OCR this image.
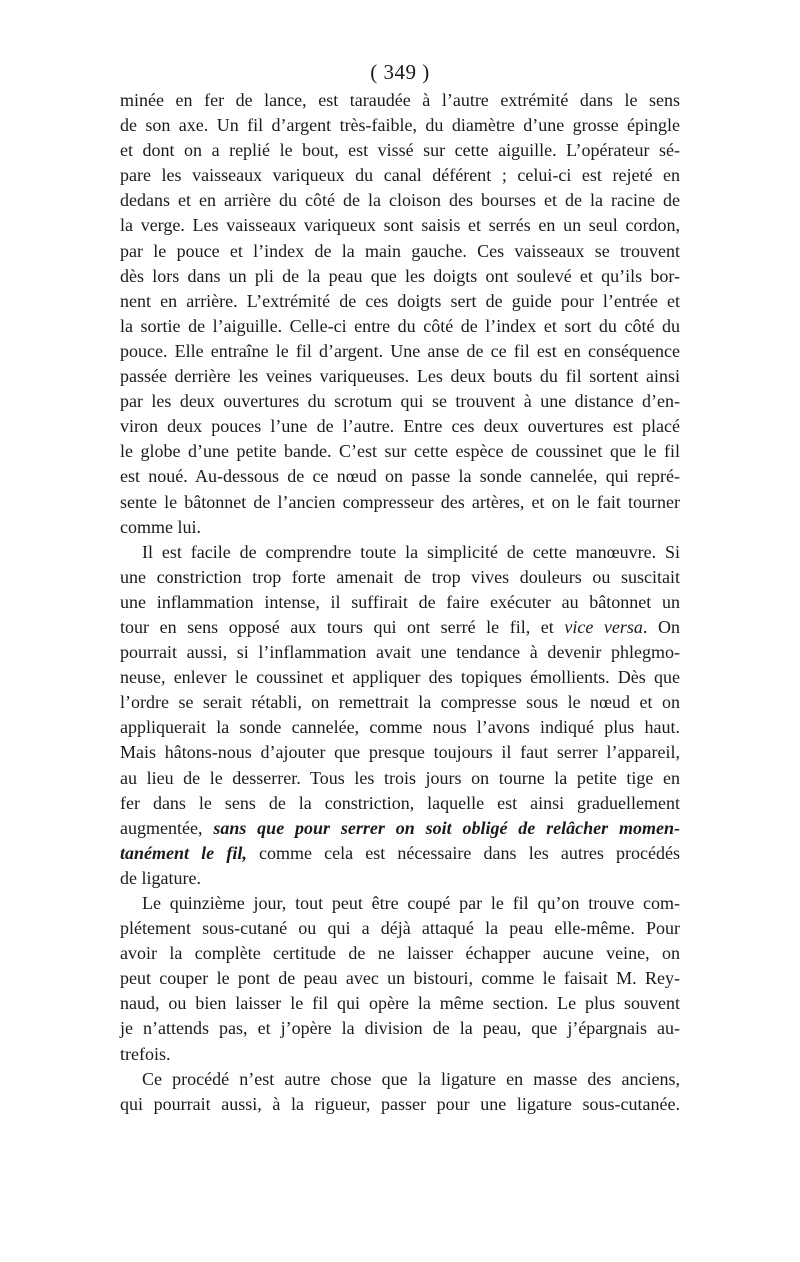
( 349 )

minée en fer de lance, est taraudée à l’autre extrémité dans le sens
de son axe. Un fil d’argent très-faible, du diamètre d’une grosse épingle
et dont on a replié le bout, est vissé sur cette aiguille. L’opérateur sé-
pare les vaisseaux variqueux du canal déférent ; celui-ci est rejeté en
dedans et en arrière du côté de la cloison des bourses et de la racine de
la verge. Les vaisseaux variqueux sont saisis et serrés en un seul cordon,
par le pouce et l’index de la main gauche. Ces vaisseaux se trouvent
dès lors dans un pli de la peau que les doigts ont soulevé et qu’ils bor-
nent en arrière. L’extrémité de ces doigts sert de guide pour l’entrée et
la sortie de l’aiguille. Celle-ci entre du côté de l’index et sort du côté du
pouce. Elle entraîne le fil d’argent. Une anse de ce fil est en conséquence
passée derrière les veines variqueuses. Les deux bouts du fil sortent ainsi
par les deux ouvertures du scrotum qui se trouvent à une distance d’en-
viron deux pouces l’une de l’autre. Entre ces deux ouvertures est placé
le globe d’une petite bande. C’est sur cette espèce de coussinet que le fil
est noué. Au-dessous de ce nœud on passe la sonde cannelée, qui repré-
sente le bâtonnet de l’ancien compresseur des artères, et on le fait tourner
comme lui.

Il est facile de comprendre toute la simplicité de cette manœuvre. Si
une constriction trop forte amenait de trop vives douleurs ou suscitait
une inflammation intense, il suffirait de faire exécuter au bâtonnet un
tour en sens opposé aux tours qui ont serré le fil, et vice versa. On
pourrait aussi, si l’inflammation avait une tendance à devenir phlegmo-
neuse, enlever le coussinet et appliquer des topiques émollients. Dès que
l’ordre se serait rétabli, on remettrait la compresse sous le nœud et on
appliquerait la sonde cannelée, comme nous l’avons indiqué plus haut.
Mais hâtons-nous d’ajouter que presque toujours il faut serrer l’appareil,
au lieu de le desserrer. Tous les trois jours on tourne la petite tige en
fer dans le sens de la constriction, laquelle est ainsi graduellement
augmentée, sans que pour serrer on soit obligé de relâcher momen-
tanément le fil, comme cela est nécessaire dans les autres procédés
de ligature.

Le quinzième jour, tout peut être coupé par le fil qu’on trouve com-
plétement sous-cutané ou qui a déjà attaqué la peau elle-même. Pour
avoir la complète certitude de ne laisser échapper aucune veine, on
peut couper le pont de peau avec un bistouri, comme le faisait M. Rey-
naud, ou bien laisser le fil qui opère la même section. Le plus souvent
je n’attends pas, et j’opère la division de la peau, que j’épargnais au-
trefois.

Ce procédé n’est autre chose que la ligature en masse des anciens,
qui pourrait aussi, à la rigueur, passer pour une ligature sous-cutanée.
